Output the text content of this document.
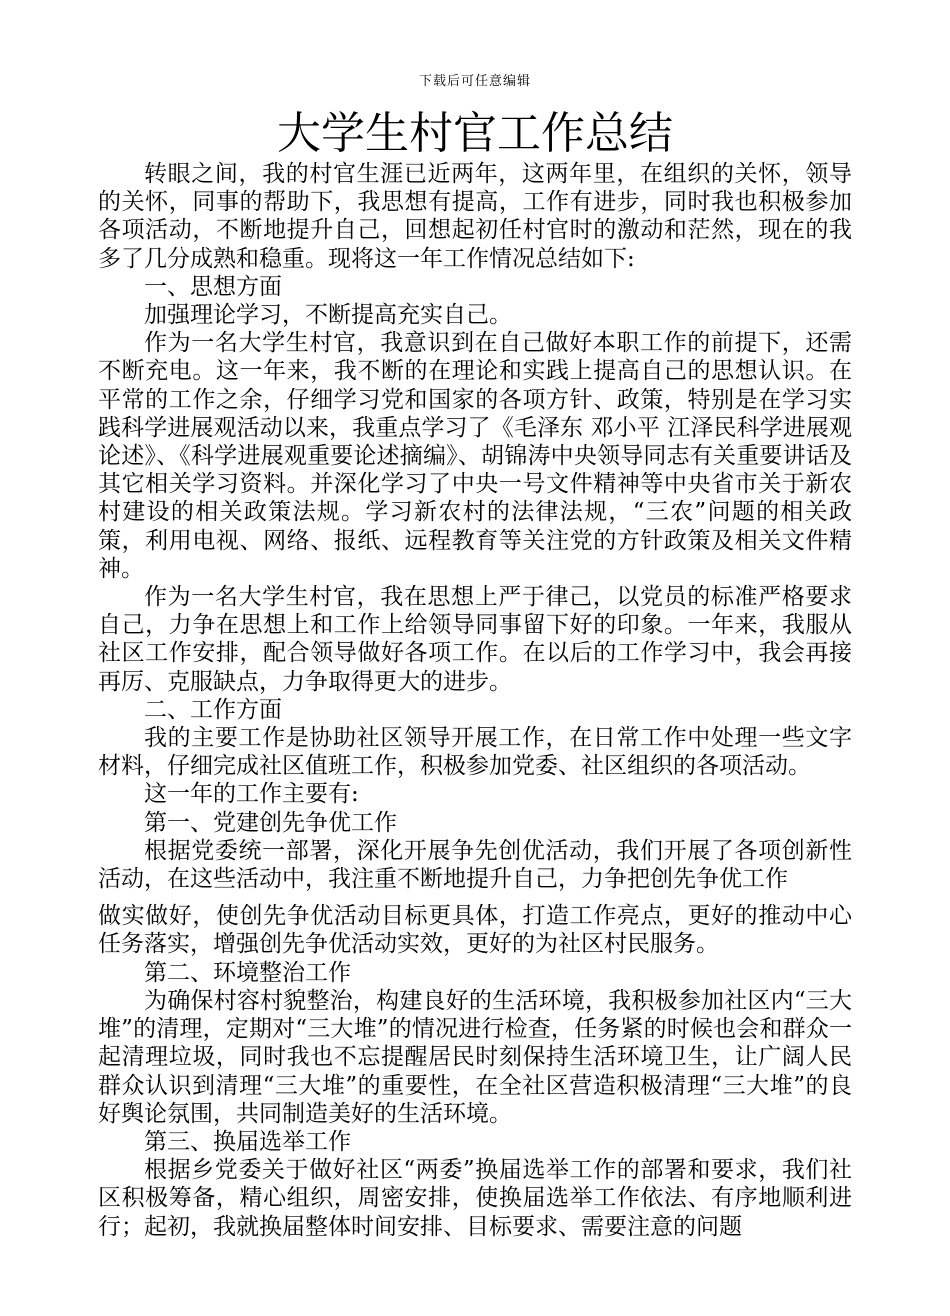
下载后可任意编辑
大学生村官工作总结

转眼之间，我的村官生涯已近两年，这两年里，在组织的关怀，领导的关怀，同事的帮助下，我思想有提高，工作有进步，同时我也积极参加各项活动，不断地提升自己，回想起初任村官时的激动和茫然，现在的我多了几分成熟和稳重。现将这一年工作情况总结如下:

一、思想方面

加强理论学习，不断提高充实自己。

作为一名大学生村官，我意识到在自己做好本职工作的前提下，还需不断充电。这一年来，我不断的在理论和实践上提高自己的思想认识。在平常的工作之余，仔细学习党和国家的各项方针、政策，特别是在学习实践科学进展观活动以来，我重点学习了《毛泽东 邓小平 江泽民科学进展观论述》、《科学进展观重要论述摘编》、胡锦涛中央领导同志有关重要讲话及其它相关学习资料。并深化学习了中央一号文件精神等中央省市关于新农村建设的相关政策法规。学习新农村的法律法规，“三农”问题的相关政策，利用电视、网络、报纸、远程教育等关注党的方针政策及相关文件精神。

作为一名大学生村官，我在思想上严于律己，以党员的标准严格要求自己，力争在思想上和工作上给领导同事留下好的印象。一年来，我服从社区工作安排，配合领导做好各项工作。在以后的工作学习中，我会再接再厉、克服缺点，力争取得更大的进步。

二、工作方面

我的主要工作是协助社区领导开展工作，在日常工作中处理一些文字材料，仔细完成社区值班工作，积极参加党委、社区组织的各项活动。

这一年的工作主要有:

第一、党建创先争优工作

根据党委统一部署，深化开展争先创优活动，我们开展了各项创新性活动，在这些活动中，我注重不断地提升自己，力争把创先争优工作

做实做好，使创先争优活动目标更具体，打造工作亮点，更好的推动中心任务落实，增强创先争优活动实效，更好的为社区村民服务。

第二、环境整治工作

为确保村容村貌整治，构建良好的生活环境，我积极参加社区内“三大堆”的清理，定期对“三大堆”的情况进行检查，任务紧的时候也会和群众一起清理垃圾，同时我也不忘提醒居民时刻保持生活环境卫生，让广阔人民群众认识到清理“三大堆”的重要性，在全社区营造积极清理“三大堆”的良好舆论氛围，共同制造美好的生活环境。

第三、换届选举工作

根据乡党委关于做好社区“两委”换届选举工作的部署和要求，我们社区积极筹备，精心组织，周密安排，使换届选举工作依法、有序地顺利进行；起初，我就换届整体时间安排、目标要求、需要注意的问题
